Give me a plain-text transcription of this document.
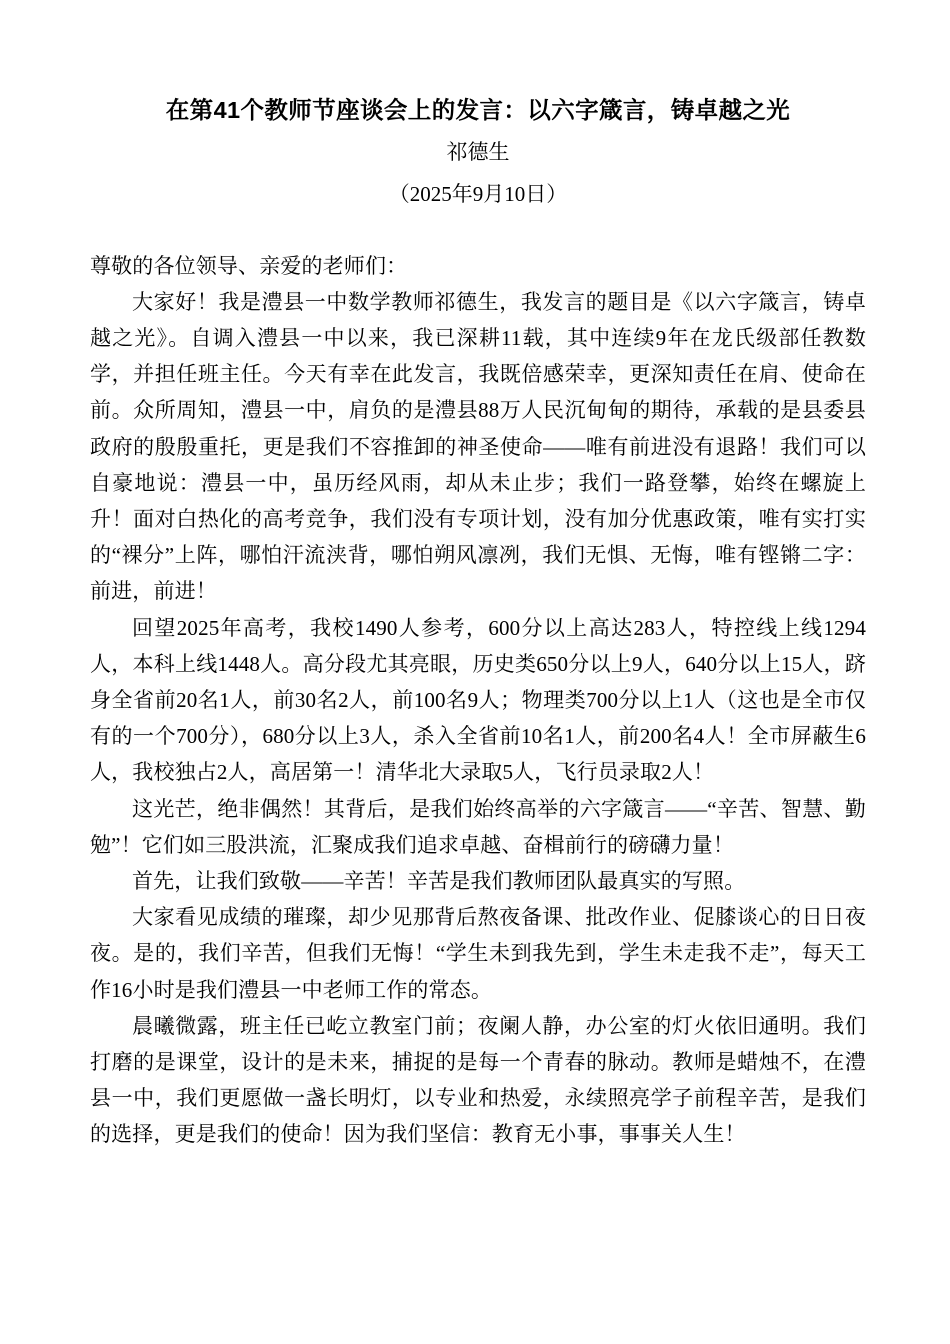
在第41个教师节座谈会上的发言：以六字箴言，铸卓越之光
祁德生
（2025年9月10日）

尊敬的各位领导、亲爱的老师们：

大家好！我是澧县一中数学教师祁德生，我发言的题目是《以六字箴言，铸卓越之光》。自调入澧县一中以来，我已深耕11载，其中连续9年在龙氏级部任教数学，并担任班主任。今天有幸在此发言，我既倍感荣幸，更深知责任在肩、使命在前。众所周知，澧县一中，肩负的是澧县88万人民沉甸甸的期待，承载的是县委县政府的殷殷重托，更是我们不容推卸的神圣使命——唯有前进没有退路！我们可以自豪地说：澧县一中，虽历经风雨，却从未止步；我们一路登攀，始终在螺旋上升！面对白热化的高考竞争，我们没有专项计划，没有加分优惠政策，唯有实打实的“裸分”上阵，哪怕汗流浃背，哪怕朔风凛冽，我们无惧、无悔，唯有铿锵二字：前进，前进！

回望2025年高考，我校1490人参考，600分以上高达283人，特控线上线1294人，本科上线1448人。高分段尤其亮眼，历史类650分以上9人，640分以上15人，跻身全省前20名1人，前30名2人，前100名9人；物理类700分以上1人（这也是全市仅有的一个700分），680分以上3人，杀入全省前10名1人，前200名4人！全市屏蔽生6人，我校独占2人，高居第一！清华北大录取5人，飞行员录取2人！

这光芒，绝非偶然！其背后，是我们始终高举的六字箴言——“辛苦、智慧、勤勉”！它们如三股洪流，汇聚成我们追求卓越、奋楫前行的磅礴力量！

首先，让我们致敬——辛苦！辛苦是我们教师团队最真实的写照。

大家看见成绩的璀璨，却少见那背后熬夜备课、批改作业、促膝谈心的日日夜夜。是的，我们辛苦，但我们无悔！“学生未到我先到，学生未走我不走”，每天工作16小时是我们澧县一中老师工作的常态。

晨曦微露，班主任已屹立教室门前；夜阑人静，办公室的灯火依旧通明。我们打磨的是课堂，设计的是未来，捕捉的是每一个青春的脉动。教师是蜡烛不，在澧县一中，我们更愿做一盏长明灯，以专业和热爱，永续照亮学子前程辛苦，是我们的选择，更是我们的使命！因为我们坚信：教育无小事，事事关人生！
